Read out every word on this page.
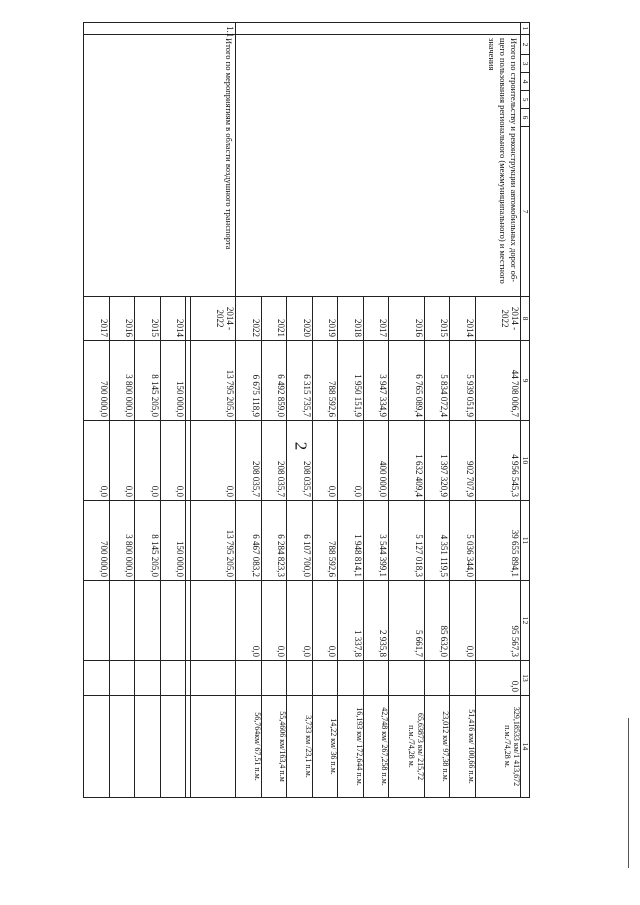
2
1	2	3	4	5	6	7	8	9	10	11	12	13	14
	Итого по строительству и реконструкции автомобильных дорог об-щего пользования регионального (межмуниципального) и местного значения						2014 - 2022	44 708 006,7	4 956 545,3	39 655 894,1	95 567,3	0,0	329,18533 км/1 413,672 п.м./74,28 м.
							2014	5 939 051,9	902 707,9	5 036 344,0	0,0		51,416 км/ 100,66 п.м.
							2015	5 834 072,4	1 397 320,9	4 351 119,5	85 632,0		23,012 км/ 97,38 п.м.
							2016	6 765 089,4	1 632 409,4	5 127 018,3	5 661,7		65,63873 км/ 215,72 п.м./74,28 м.
							2017	3 947 334,9	400 000,0	3 544 399,1	2 935,8		42,748 км/ 267,258 п.м.
							2018	1 950 151,9	0,0	1 948 814,1	1 337,8		16,193 км/ 172,644 п.м.
							2019	788 592,6	0,0	788 592,6	0,0		14,22 км/ 36 п.м.
							2020	6 315 735,7	208 035,7	6 107 700,0	0,0		3,733 км /23,1 п.м.
							2021	6 492 859,0	208 035,7	6 284 823,3	0,0		55,4606 км/163,4 п.м
							2022	6 675 118,9	208 035,7	6 467 083,2	0,0		56,764км/ 67,51 п.м.
1.1	Итого по мероприятиям в области воздушного транспорта						2014 - 2022	13 795 205,0	0,0	13 795 205,0			

							2014	150 000,0	0,0	150 000,0			
							2015	8 145 205,0	0,0	8 145 205,0			
							2016	3 800 000,0	0,0	3 800 000,0			
							2017	700 000,0	0,0	700 000,0			
